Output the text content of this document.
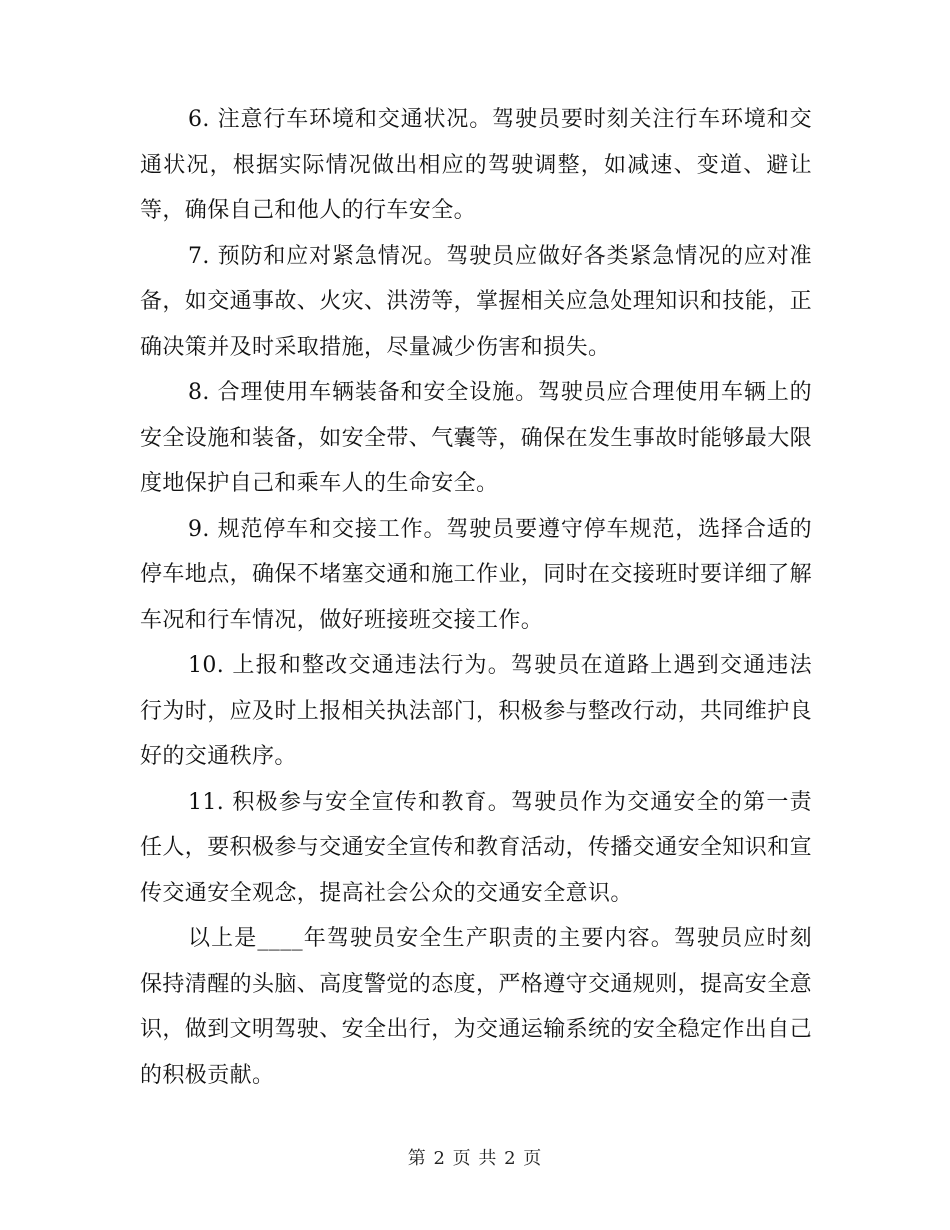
6. 注意行车环境和交通状况。驾驶员要时刻关注行车环境和交通状况，根据实际情况做出相应的驾驶调整，如减速、变道、避让等，确保自己和他人的行车安全。

7. 预防和应对紧急情况。驾驶员应做好各类紧急情况的应对准备，如交通事故、火灾、洪涝等，掌握相关应急处理知识和技能，正确决策并及时采取措施，尽量减少伤害和损失。

8. 合理使用车辆装备和安全设施。驾驶员应合理使用车辆上的安全设施和装备，如安全带、气囊等，确保在发生事故时能够最大限度地保护自己和乘车人的生命安全。

9. 规范停车和交接工作。驾驶员要遵守停车规范，选择合适的停车地点，确保不堵塞交通和施工作业，同时在交接班时要详细了解车况和行车情况，做好班接班交接工作。

10. 上报和整改交通违法行为。驾驶员在道路上遇到交通违法行为时，应及时上报相关执法部门，积极参与整改行动，共同维护良好的交通秩序。

11. 积极参与安全宣传和教育。驾驶员作为交通安全的第一责任人，要积极参与交通安全宣传和教育活动，传播交通安全知识和宣传交通安全观念，提高社会公众的交通安全意识。

以上是____年驾驶员安全生产职责的主要内容。驾驶员应时刻保持清醒的头脑、高度警觉的态度，严格遵守交通规则，提高安全意识，做到文明驾驶、安全出行，为交通运输系统的安全稳定作出自己的积极贡献。

第 2 页 共 2 页
